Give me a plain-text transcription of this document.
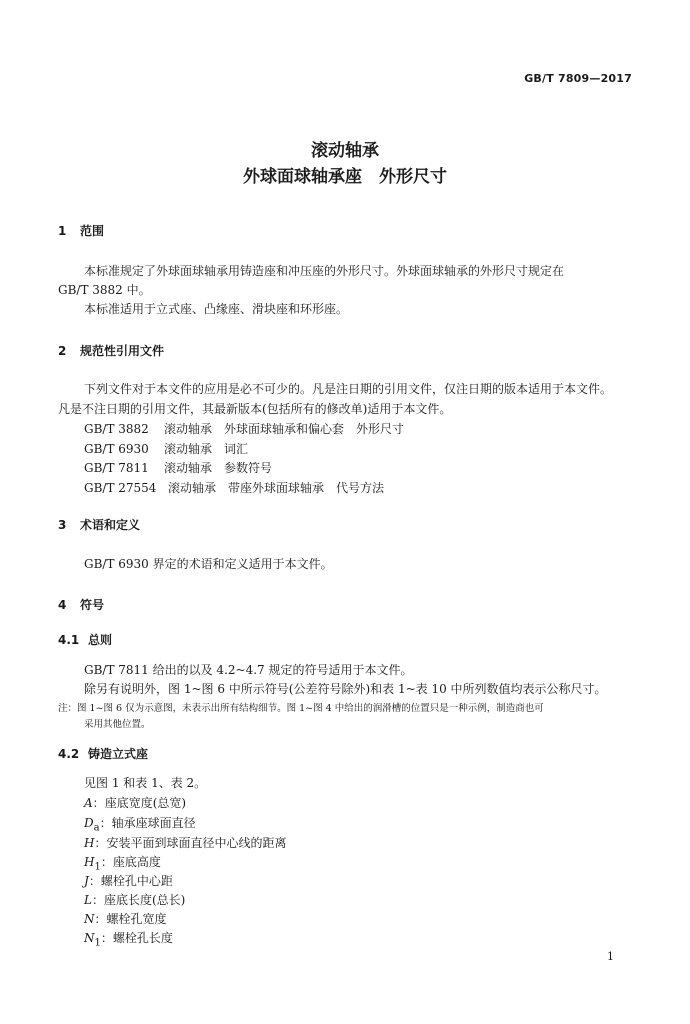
GB/T 7809—2017
滚动轴承
外球面球轴承座　外形尺寸
1 范围
本标准规定了外球面球轴承用铸造座和冲压座的外形尺寸。外球面球轴承的外形尺寸规定在
GB/T 3882 中。
本标准适用于立式座、凸缘座、滑块座和环形座。
2 规范性引用文件
下列文件对于本文件的应用是必不可少的。凡是注日期的引用文件，仅注日期的版本适用于本文件。
凡是不注日期的引用文件，其最新版本(包括所有的修改单)适用于本文件。
GB/T 3882 滚动轴承　外球面球轴承和偏心套　外形尺寸
GB/T 6930 滚动轴承　词汇
GB/T 7811 滚动轴承　参数符号
GB/T 27554 滚动轴承　带座外球面球轴承　代号方法
3 术语和定义
GB/T 6930 界定的术语和定义适用于本文件。
4 符号
4.1 总则
GB/T 7811 给出的以及 4.2~4.7 规定的符号适用于本文件。
除另有说明外，图 1~图 6 中所示符号(公差符号除外)和表 1~表 10 中所列数值均表示公称尺寸。
注：图 1~图 6 仅为示意图，未表示出所有结构细节。图 1~图 4 中给出的润滑槽的位置只是一种示例，制造商也可
采用其他位置。
4.2 铸造立式座
见图 1 和表 1、表 2。
A：座底宽度(总宽)
$D_a$：轴承座球面直径
H：安装平面到球面直径中心线的距离
$H_1$：座底高度
J：螺栓孔中心距
L：座底长度(总长)
N：螺栓孔宽度
$N_1$：螺栓孔长度
1
